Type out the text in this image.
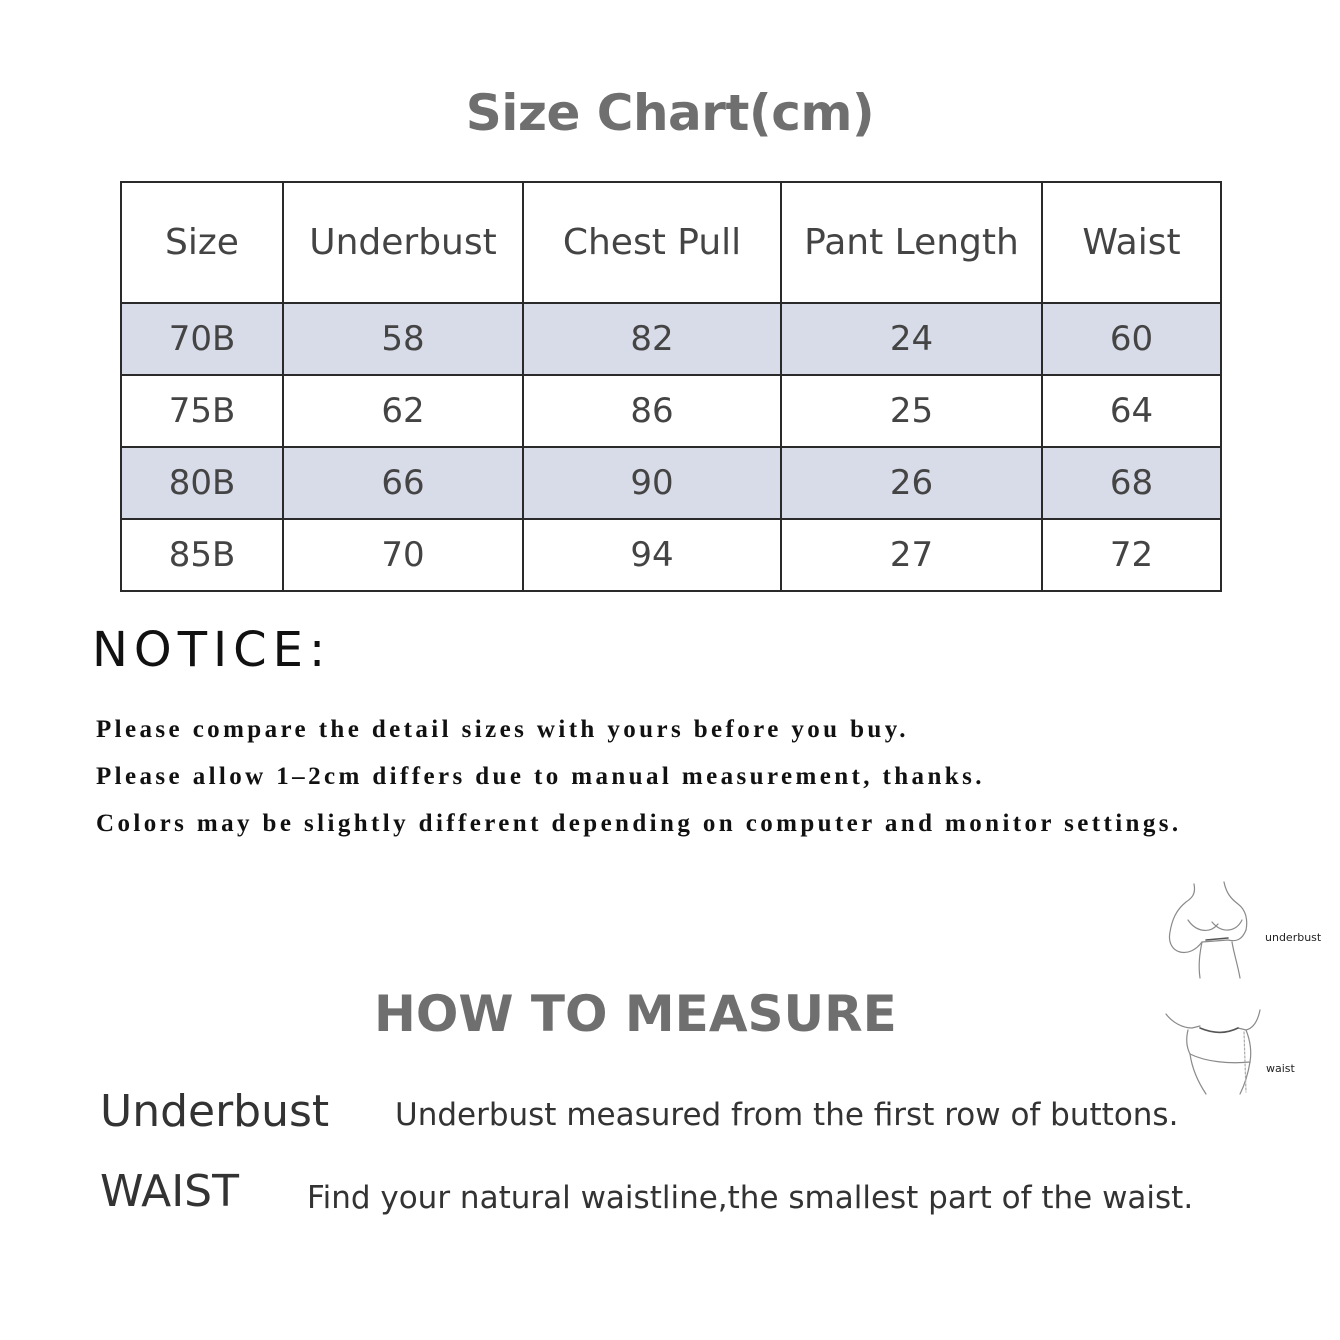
Size Chart(cm)
Size	Underbust	Chest Pull	Pant Length	Waist
70B	58	82	24	60
75B	62	86	25	64
80B	66	90	26	68
85B	70	94	27	72
NOTICE:
Please compare the detail sizes with yours before you buy.
Please allow 1–2cm differs due to manual measurement, thanks.
Colors may be slightly different depending on computer and monitor settings.
underbust
waist
HOW TO MEASURE
Underbust Underbust measured from the first row of buttons.
WAIST Find your natural waistline,the smallest part of the waist.
